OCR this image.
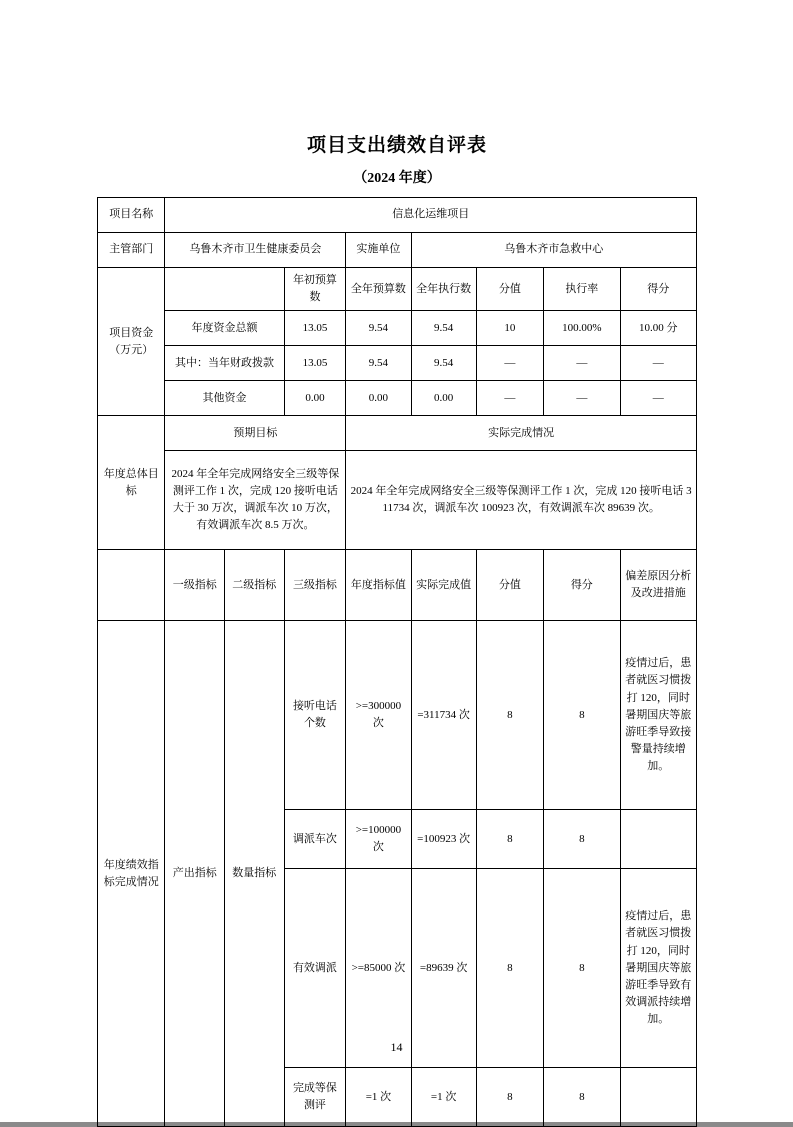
项目支出绩效自评表
（2024 年度）
项目名称	信息化运维项目							
主管部门	乌鲁木齐市卫生健康委员会			实施单位	乌鲁木齐市急救中心			

项目资金
（万元）			年初预算数	全年预算数	全年执行数	分值	执行率	得分
	年度资金总额		13.05	9.54	9.54	10	100.00%	10.00 分
	其中：当年财政拨款		13.05	9.54	9.54	—	—	—
	其他资金		0.00	0.00	0.00	—	—	—
年度总体目标	预期目标			实际完成情况				
	2024 年全年完成网络安全三级等保测评工作 1 次，完成 120 接听电话大于 30 万次，调派车次 10 万次，有效调派车次 8.5 万次。			2024 年全年完成网络安全三级等保测评工作 1 次，完成 120 接听电话 311734 次，调派车次 100923 次，有效调派车次 89639 次。				
	一级指标	二级指标	三级指标	年度指标值	实际完成值	分值	得分	偏差原因分析及改进措施
年度绩效指标完成情况	产出指标	数量指标	接听电话个数	>=300000 次	=311734 次	8	8	疫情过后，患者就医习惯拨打 120，同时暑期国庆等旅游旺季导致接警量持续增加。
			调派车次	>=100000 次	=100923 次	8	8	
			有效调派	>=85000 次	=89639 次	8	8	疫情过后，患者就医习惯拨打 120，同时暑期国庆等旅游旺季导致有效调派持续增加。
			完成等保测评	=1 次	=1 次	8	8	
14
